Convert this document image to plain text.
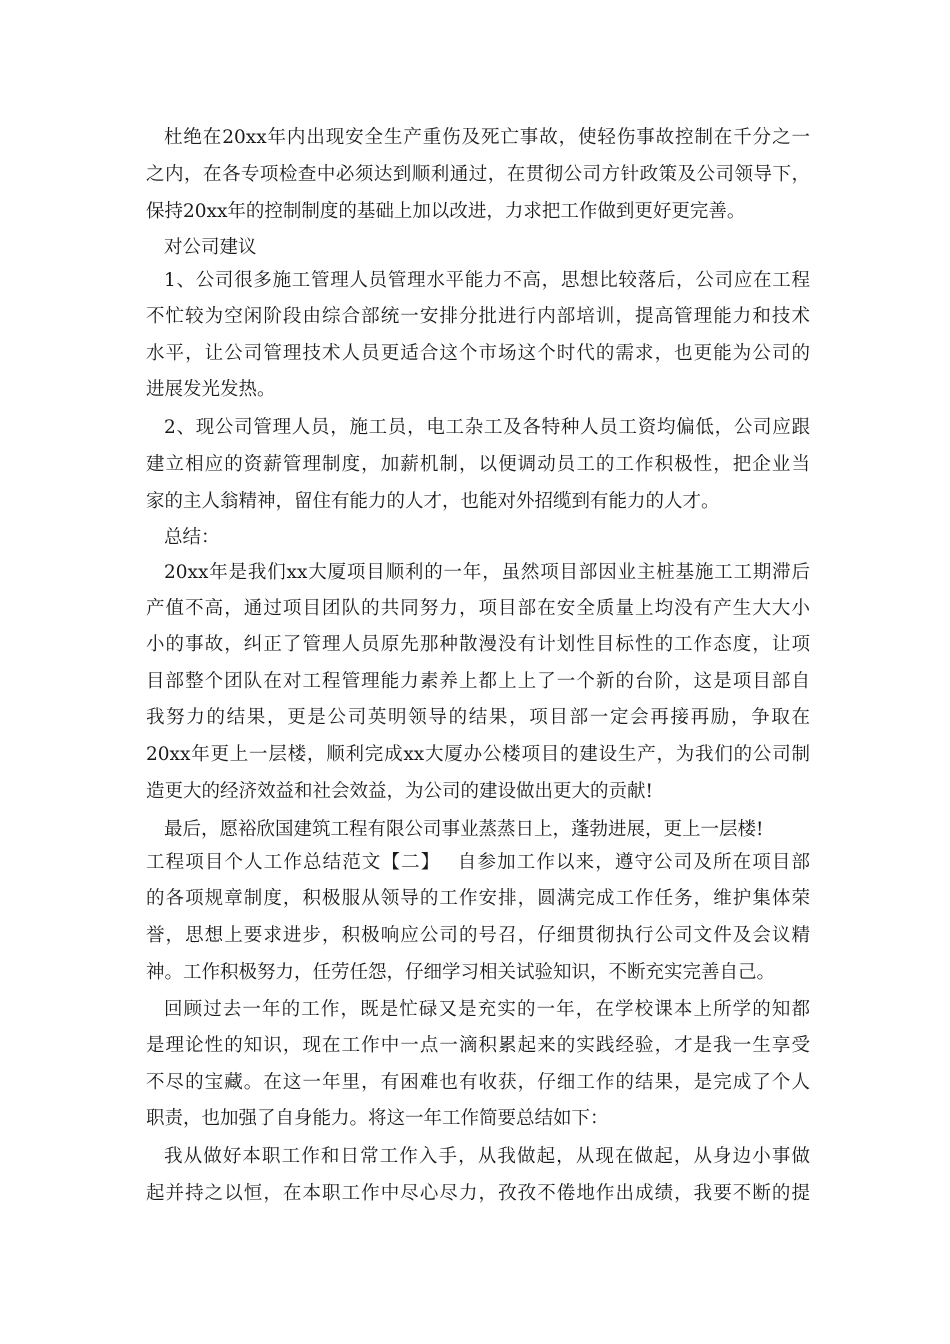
杜绝在20xx年内出现安全生产重伤及死亡事故，使轻伤事故控制在千分之一

之内，在各专项检查中必须达到顺利通过，在贯彻公司方针政策及公司领导下，

保持20xx年的控制制度的基础上加以改进，力求把工作做到更好更完善。

对公司建议

1、公司很多施工管理人员管理水平能力不高，思想比较落后，公司应在工程

不忙较为空闲阶段由综合部统一安排分批进行内部培训，提高管理能力和技术

水平，让公司管理技术人员更适合这个市场这个时代的需求，也更能为公司的

进展发光发热。

2、现公司管理人员，施工员，电工杂工及各特种人员工资均偏低，公司应跟

建立相应的资薪管理制度，加薪机制，以便调动员工的工作积极性，把企业当

家的主人翁精神，留住有能力的人才，也能对外招缆到有能力的人才。

总结：

20xx年是我们xx大厦项目顺利的一年，虽然项目部因业主桩基施工工期滞后

产值不高，通过项目团队的共同努力，项目部在安全质量上均没有产生大大小

小的事故，纠正了管理人员原先那种散漫没有计划性目标性的工作态度，让项

目部整个团队在对工程管理能力素养上都上上了一个新的台阶，这是项目部自

我努力的结果，更是公司英明领导的结果，项目部一定会再接再励，争取在

20xx年更上一层楼，顺利完成xx大厦办公楼项目的建设生产，为我们的公司制

造更大的经济效益和社会效益，为公司的建设做出更大的贡献!

最后，愿裕欣国建筑工程有限公司事业蒸蒸日上，蓬勃进展，更上一层楼!

工程项目个人工作总结范文【二】　 自参加工作以来，遵守公司及所在项目部

的各项规章制度，积极服从领导的工作安排，圆满完成工作任务，维护集体荣

誉，思想上要求进步，积极响应公司的号召，仔细贯彻执行公司文件及会议精

神。工作积极努力，任劳任怨，仔细学习相关试验知识，不断充实完善自己。

回顾过去一年的工作，既是忙碌又是充实的一年，在学校课本上所学的知都

是理论性的知识，现在工作中一点一滴积累起来的实践经验，才是我一生享受

不尽的宝藏。在这一年里，有困难也有收获，仔细工作的结果，是完成了个人

职责，也加强了自身能力。将这一年工作简要总结如下：

我从做好本职工作和日常工作入手，从我做起，从现在做起，从身边小事做

起并持之以恒，在本职工作中尽心尽力，孜孜不倦地作出成绩，我要不断的提
